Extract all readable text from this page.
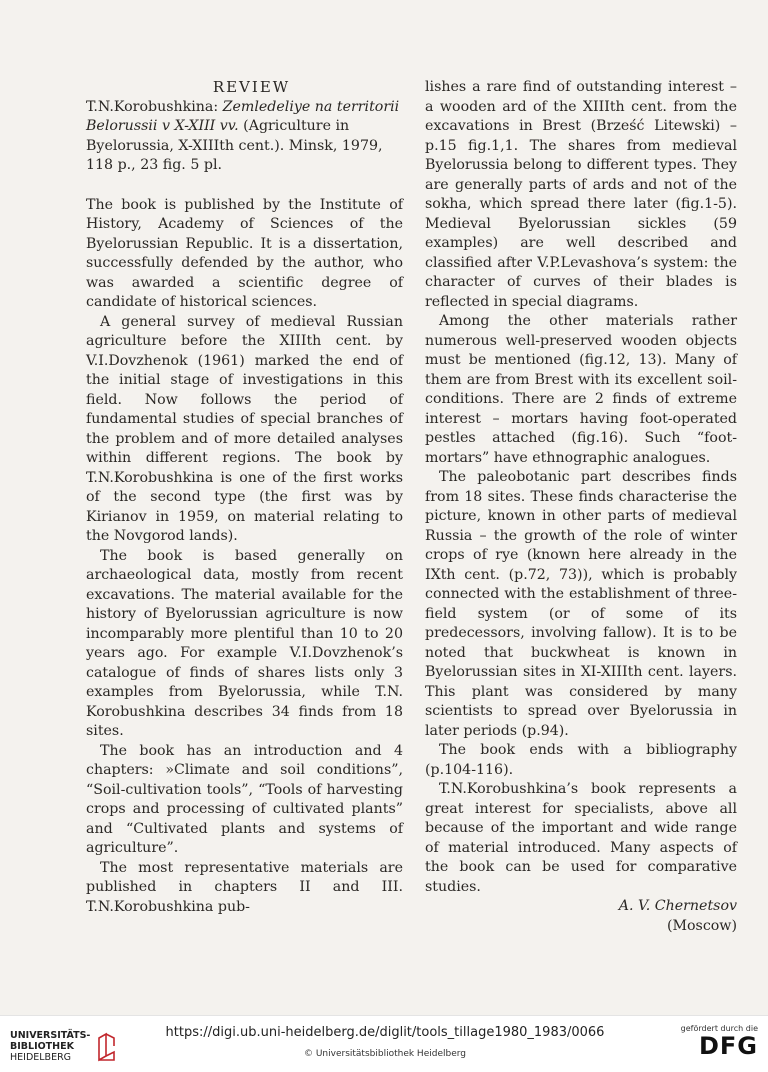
REVIEW

T.N.Korobushkina: Zemledeliye na territorii Belorussii v X-XIII vv. (Agriculture in Byelorussia, X-XIIIth cent.). Minsk, 1979, 118 p., 23 fig. 5 pl.

The book is published by the Institute of History, Academy of Sciences of the Byelorussian Republic. It is a dissertation, successfully defended by the author, who was awarded a scientific degree of candidate of historical sciences.

A general survey of medieval Russian agriculture before the XIIIth cent. by V.I.Dovzhenok (1961) marked the end of the initial stage of investigations in this field. Now follows the period of fundamental studies of special branches of the problem and of more detailed analyses within different regions. The book by T.N.Korobushkina is one of the first works of the second type (the first was by Kirianov in 1959, on material relating to the Novgorod lands).

The book is based generally on archaeological data, mostly from recent excavations. The material available for the history of Byelorussian agriculture is now incomparably more plentiful than 10 to 20 years ago. For example V.I.Dovzhenok’s catalogue of finds of shares lists only 3 examples from Byelorussia, while T.N. Korobushkina describes 34 finds from 18 sites.

The book has an introduction and 4 chapters: »Climate and soil conditions”, “Soil-cultivation tools”, “Tools of harvesting crops and processing of cultivated plants” and “Cultivated plants and systems of agriculture”.

The most representative materials are published in chapters II and III. T.N.Korobushkina pub-

lishes a rare find of outstanding interest – a wooden ard of the XIIIth cent. from the excavations in Brest (Brześć Litewski) – p.15 fig.1,1. The shares from medieval Byelorussia belong to different types. They are generally parts of ards and not of the sokha, which spread there later (fig.1-5). Medieval Byelorussian sickles (59 examples) are well described and classified after V.P.Levashova’s system: the character of curves of their blades is reflected in special diagrams.

Among the other materials rather numerous well-preserved wooden objects must be mentioned (fig.12, 13). Many of them are from Brest with its excellent soil-conditions. There are 2 finds of extreme interest – mortars having foot-operated pestles attached (fig.16). Such “foot-mortars” have ethnographic analogues.

The paleobotanic part describes finds from 18 sites. These finds characterise the picture, known in other parts of medieval Russia – the growth of the role of winter crops of rye (known here already in the IXth cent. (p.72, 73)), which is probably connected with the establishment of three-field system (or of some of its predecessors, involving fallow). It is to be noted that buckwheat is known in Byelorussian sites in XI-XIIIth cent. layers. This plant was considered by many scientists to spread over Byelorussia in later periods (p.94).

The book ends with a bibliography (p.104-116).

T.N.Korobushkina’s book represents a great interest for specialists, above all because of the important and wide range of material introduced. Many aspects of the book can be used for comparative studies.

A. V. Chernetsov

(Moscow)

UNIVERSITÄTS-
BIBLIOTHEK
HEIDELBERG
https://digi.ub.uni-heidelberg.de/diglit/tools_tillage1980_1983/0066
© Universitätsbibliothek Heidelberg
gefördert durch die
DFG
